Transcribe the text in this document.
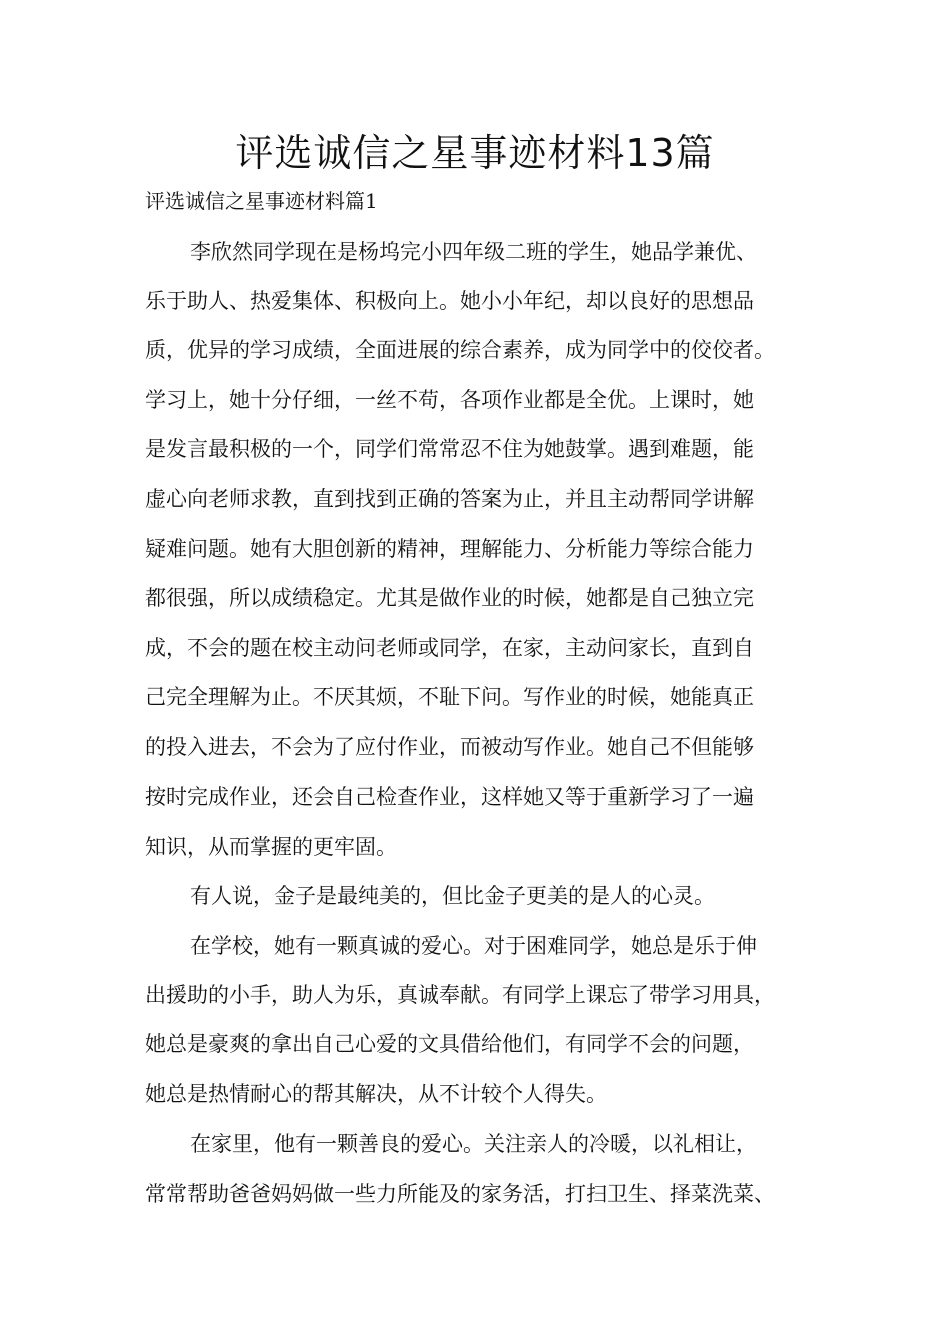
评选诚信之星事迹材料13篇
评选诚信之星事迹材料篇1
李欣然同学现在是杨坞完小四年级二班的学生，她品学兼优、
乐于助人、热爱集体、积极向上。她小小年纪，却以良好的思想品
质，优异的学习成绩，全面进展的综合素养，成为同学中的佼佼者。
学习上，她十分仔细，一丝不苟，各项作业都是全优。上课时，她
是发言最积极的一个，同学们常常忍不住为她鼓掌。遇到难题，能
虚心向老师求教，直到找到正确的答案为止，并且主动帮同学讲解
疑难问题。她有大胆创新的精神，理解能力、分析能力等综合能力
都很强，所以成绩稳定。尤其是做作业的时候，她都是自己独立完
成，不会的题在校主动问老师或同学，在家，主动问家长，直到自
己完全理解为止。不厌其烦，不耻下问。写作业的时候，她能真正
的投入进去，不会为了应付作业，而被动写作业。她自己不但能够
按时完成作业，还会自己检查作业，这样她又等于重新学习了一遍
知识，从而掌握的更牢固。
有人说，金子是最纯美的，但比金子更美的是人的心灵。
在学校，她有一颗真诚的爱心。对于困难同学，她总是乐于伸
出援助的小手，助人为乐，真诚奉献。有同学上课忘了带学习用具，
她总是豪爽的拿出自己心爱的文具借给他们，有同学不会的问题，
她总是热情耐心的帮其解决，从不计较个人得失。
在家里，他有一颗善良的爱心。关注亲人的冷暖，以礼相让，
常常帮助爸爸妈妈做一些力所能及的家务活，打扫卫生、择菜洗菜、
